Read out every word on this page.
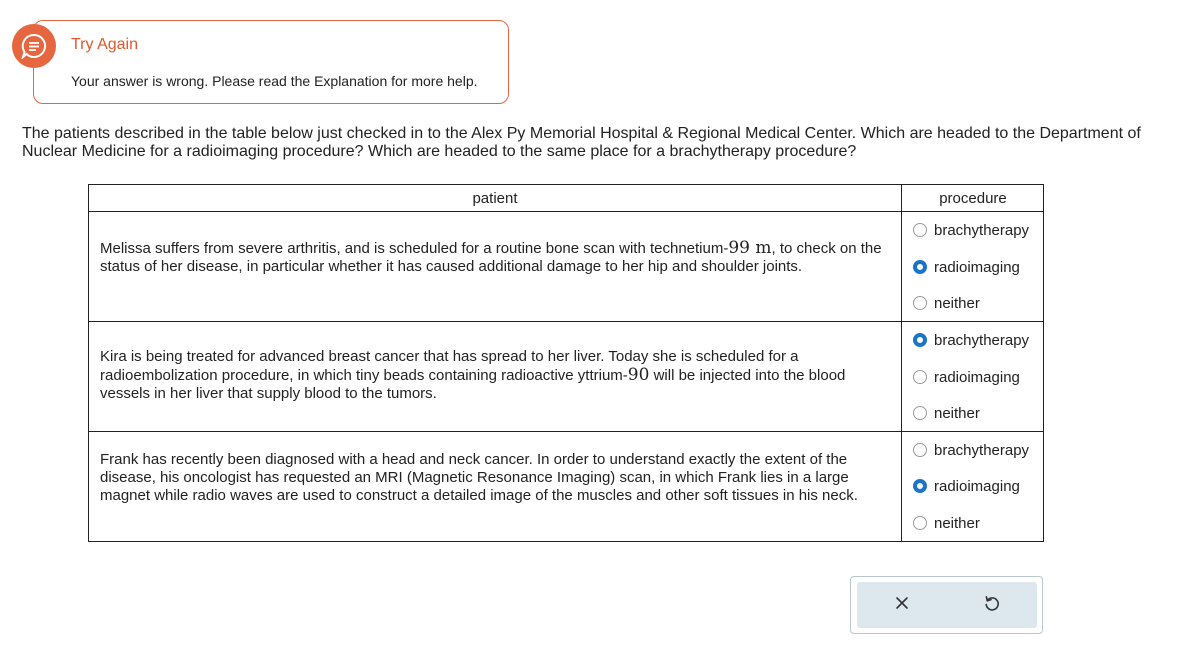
Try Again
Your answer is wrong. Please read the Explanation for more help.

The patients described in the table below just checked in to the Alex Py Memorial Hospital & Regional Medical Center. Which are headed to the Department of Nuclear Medicine for a radioimaging procedure? Which are headed to the same place for a brachytherapy procedure?

patient	procedure

Melissa suffers from severe arthritis, and is scheduled for a routine bone scan with technetium-99 m, to check on the status of her disease, in particular whether it has caused additional damage to her hip and shoulder joints.

Kira is being treated for advanced breast cancer that has spread to her liver. Today she is scheduled for a radioembolization procedure, in which tiny beads containing radioactive yttrium-90 will be injected into the blood vessels in her liver that supply blood to the tumors.

Frank has recently been diagnosed with a head and neck cancer. In order to understand exactly the extent of the disease, his oncologist has requested an MRI (Magnetic Resonance Imaging) scan, in which Frank lies in a large magnet while radio waves are used to construct a detailed image of the muscles and other soft tissues in his neck.

brachytherapy
radioimaging
neither
brachytherapy
radioimaging
neither
brachytherapy
radioimaging
neither
